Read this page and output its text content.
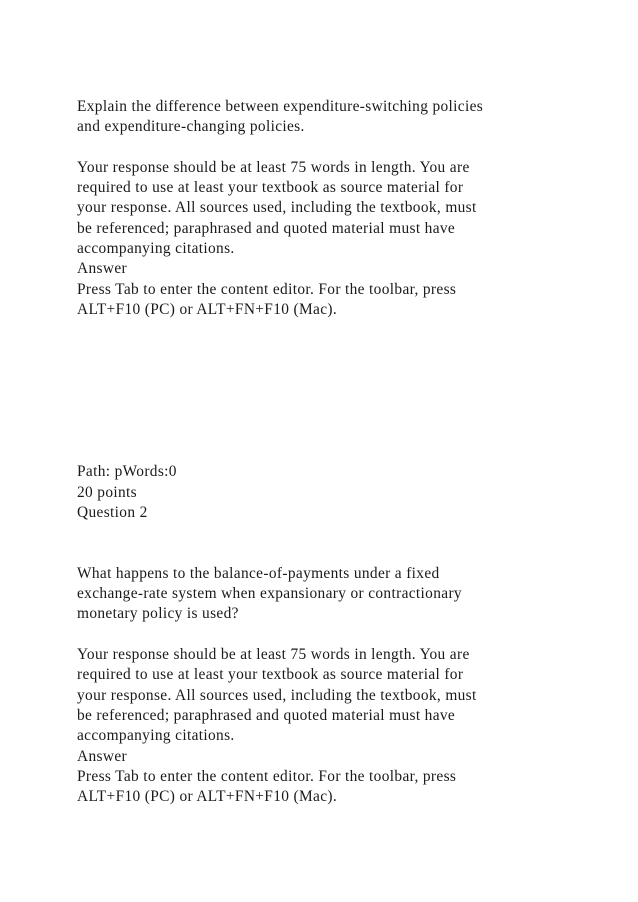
Explain the difference between expenditure-switching policies
and expenditure-changing policies.
Your response should be at least 75 words in length. You are
required to use at least your textbook as source material for
your response. All sources used, including the textbook, must
be referenced; paraphrased and quoted material must have
accompanying citations.
Answer
Press Tab to enter the content editor. For the toolbar, press
ALT+F10 (PC) or ALT+FN+F10 (Mac).
Path: pWords:0
20 points
Question 2
What happens to the balance-of-payments under a fixed
exchange-rate system when expansionary or contractionary
monetary policy is used?
Your response should be at least 75 words in length. You are
required to use at least your textbook as source material for
your response. All sources used, including the textbook, must
be referenced; paraphrased and quoted material must have
accompanying citations.
Answer
Press Tab to enter the content editor. For the toolbar, press
ALT+F10 (PC) or ALT+FN+F10 (Mac).
